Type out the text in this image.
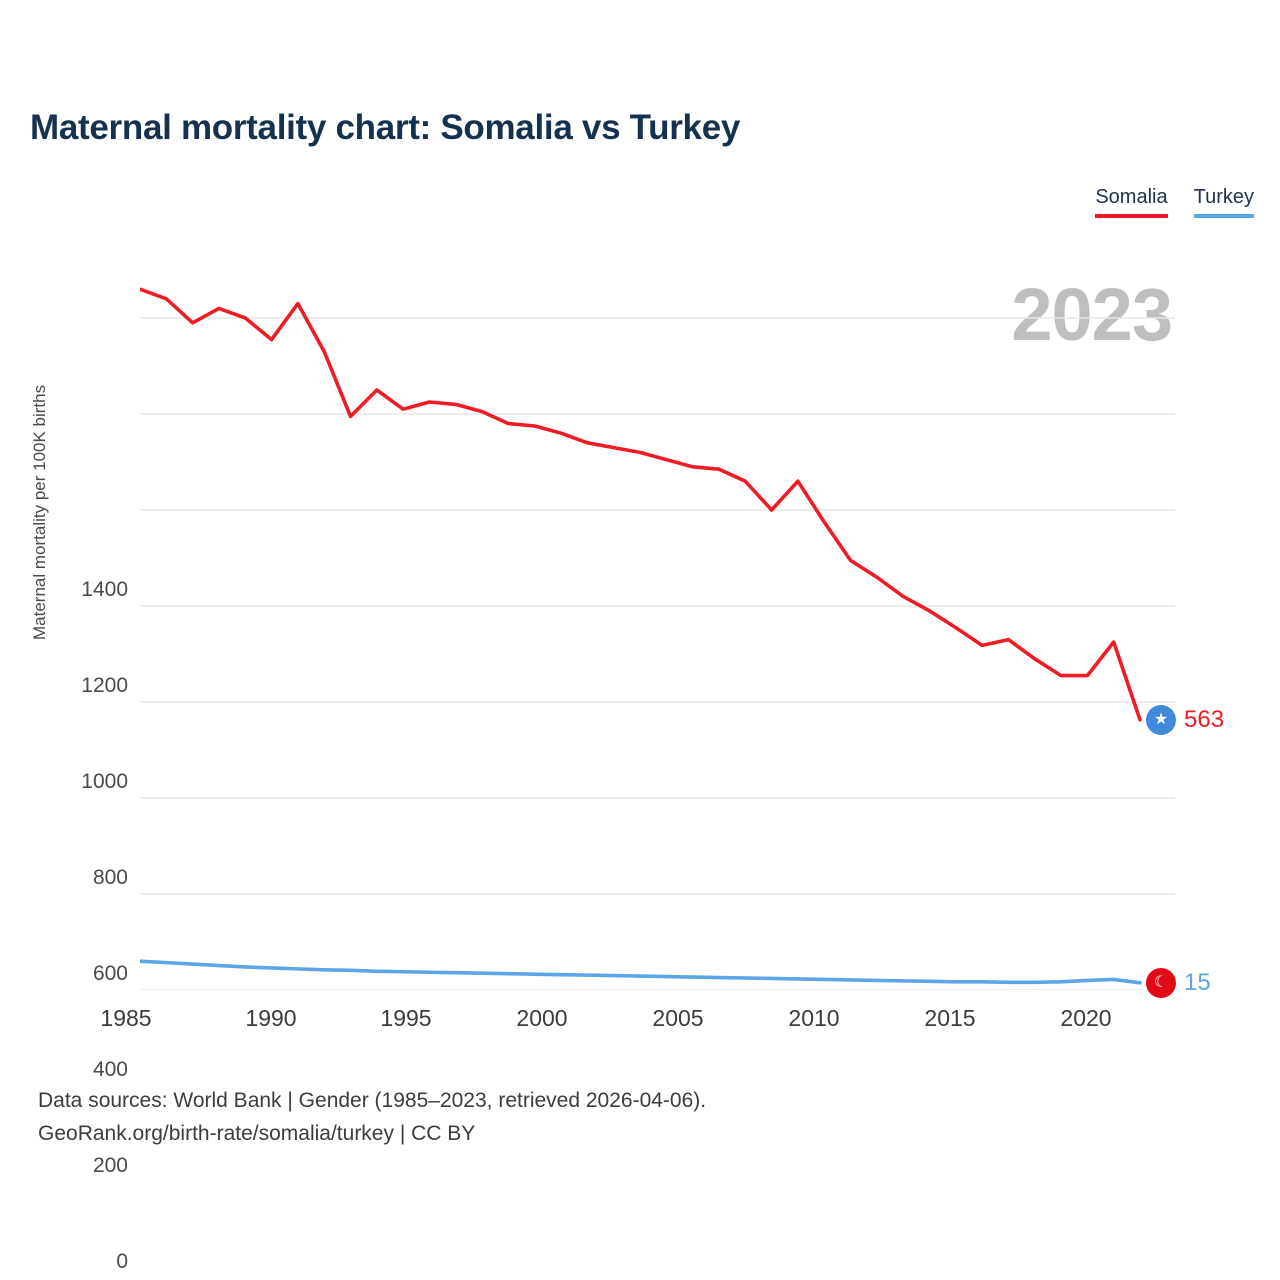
Maternal mortality chart: Somalia vs Turkey
Somalia Turkey
2023
Maternal mortality per 100K births	1400
1200
1000
800
600
400
200
0
1985	1990	1995	2000	2005	2010	2015	2020
★ 563
☾ 15
Data sources: World Bank | Gender (1985–2023, retrieved 2026-04-06).
GeoRank.org/birth-rate/somalia/turkey | CC BY
